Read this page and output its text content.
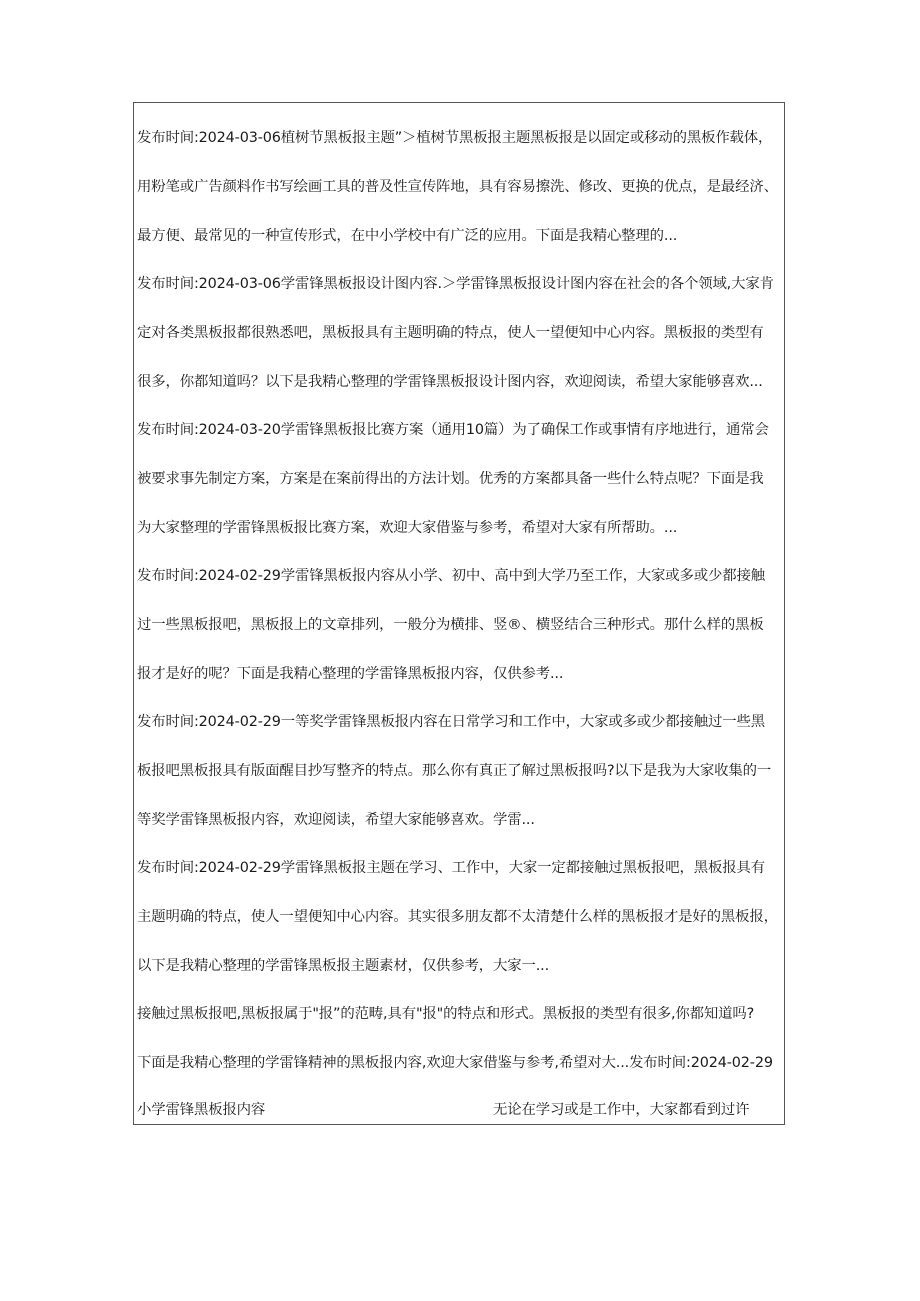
发布时间:2024-03-06植树节黑板报主题”＞植树节黑板报主题黑板报是以固定或移动的黑板作载体，
用粉笔或广告颜料作书写绘画工具的普及性宣传阵地，具有容易擦洗、修改、更换的优点，是最经济、
最方便、最常见的一种宣传形式，在中小学校中有广泛的应用。下面是我精心整理的...
发布时间:2024-03-06学雷锋黑板报设计图内容.＞学雷锋黑板报设计图内容在社会的各个领域,大家肯
定对各类黑板报都很熟悉吧，黑板报具有主题明确的特点，使人一望便知中心内容。黑板报的类型有
很多，你都知道吗？以下是我精心整理的学雷锋黑板报设计图内容，欢迎阅读，希望大家能够喜欢...
发布时间:2024-03-20学雷锋黑板报比赛方案（通用10篇）为了确保工作或事情有序地进行，通常会
被要求事先制定方案，方案是在案前得出的方法计划。优秀的方案都具备一些什么特点呢？下面是我
为大家整理的学雷锋黑板报比赛方案，欢迎大家借鉴与参考，希望对大家有所帮助。...
发布时间:2024-02-29学雷锋黑板报内容从小学、初中、高中到大学乃至工作，大家或多或少都接触
过一些黑板报吧，黑板报上的文章排列，一般分为横排、竖®、横竖结合三种形式。那什么样的黑板
报才是好的呢？下面是我精心整理的学雷锋黑板报内容，仅供参考...
发布时间:2024-02-29一等奖学雷锋黑板报内容在日常学习和工作中，大家或多或少都接触过一些黑
板报吧黑板报具有版面醒目抄写整齐的特点。那么你有真正了解过黑板报吗?以下是我为大家收集的一
等奖学雷锋黑板报内容，欢迎阅读，希望大家能够喜欢。学雷...
发布时间:2024-02-29学雷锋黑板报主题在学习、工作中，大家一定都接触过黑板报吧，黑板报具有
主题明确的特点，使人一望便知中心内容。其实很多朋友都不太清楚什么样的黑板报才是好的黑板报，
以下是我精心整理的学雷锋黑板报主题素材，仅供参考，大家一...
接触过黑板报吧,黑板报属于"报”的范畴,具有"报"的特点和形式。黑板报的类型有很多,你都知道吗?
下面是我精心整理的学雷锋精神的黑板报内容,欢迎大家借鉴与参考,希望对大...发布时间:2024-02-29
小学雷锋黑板报内容	无论在学习或是工作中，大家都看到过许
